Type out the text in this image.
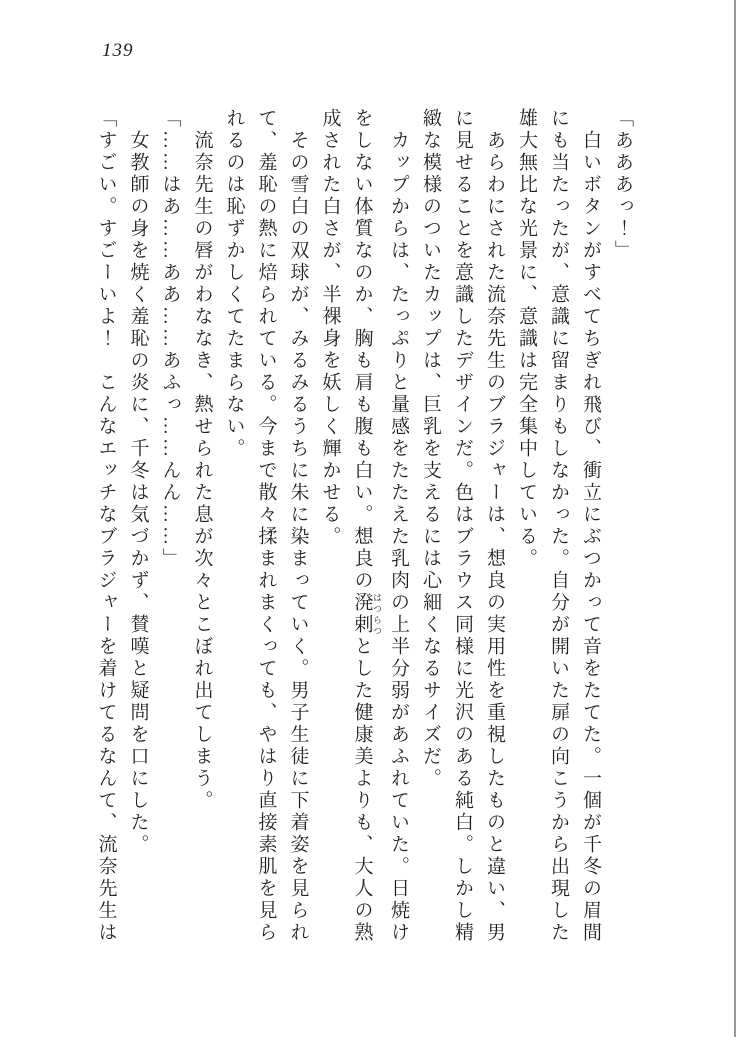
139
「あああっ！」
白いボタンがすべてちぎれ飛び、衝立にぶつかって音をたてた。一個が千冬の眉間
にも当たったが、意識に留まりもしなかった。自分が開いた扉の向こうから出現した
雄大無比な光景に、意識は完全集中している。
あらわにされた流奈先生のブラジャーは、想良の実用性を重視したものと違い、男
に見せることを意識したデザインだ。色はブラウス同様に光沢のある純白。しかし精
緻な模様のついたカップは、巨乳を支えるには心細くなるサイズだ。
カップからは、たっぷりと量感をたたえた乳肉の上半分弱があふれていた。日焼け
をしない体質なのか、胸も肩も腹も白い。想良の溌剌 はつらつとした健康美よりも、大人の熟
成された白さが、半裸身を妖しく輝かせる。
その雪白の双球が、みるみるうちに朱に染まっていく。男子生徒に下着姿を見られ
て、羞恥の熱に焙られている。今まで散々揉まれまくっても、やはり直接素肌を見ら
れるのは恥ずかしくてたまらない。
流奈先生の唇がわななき、熱せられた息が次々とこぼれ出てしまう。
「……はあ……ああ……あふっ……んん……」
女教師の身を焼く羞恥の炎に、千冬は気づかず、賛嘆と疑問を口にした。
「すごい。すごーいよ！　こんなエッチなブラジャーを着けてるなんて、流奈先生は
